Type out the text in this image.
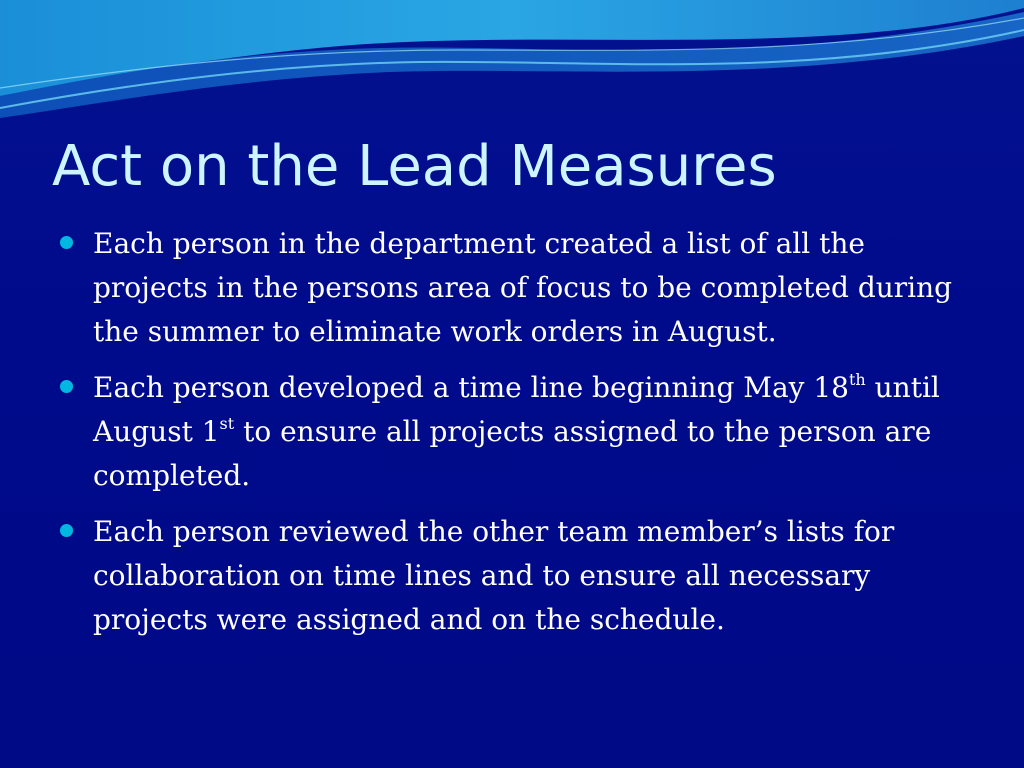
Act on the Lead Measures
Each person in the department created a list of all the projects in the persons area of focus to be completed during the summer to eliminate work orders in August.
Each person developed a time line beginning May 18th until August 1st to ensure all projects assigned to the person are completed.
Each person reviewed the other team member’s lists for collaboration on time lines and to ensure all necessary projects were assigned and on the schedule.
